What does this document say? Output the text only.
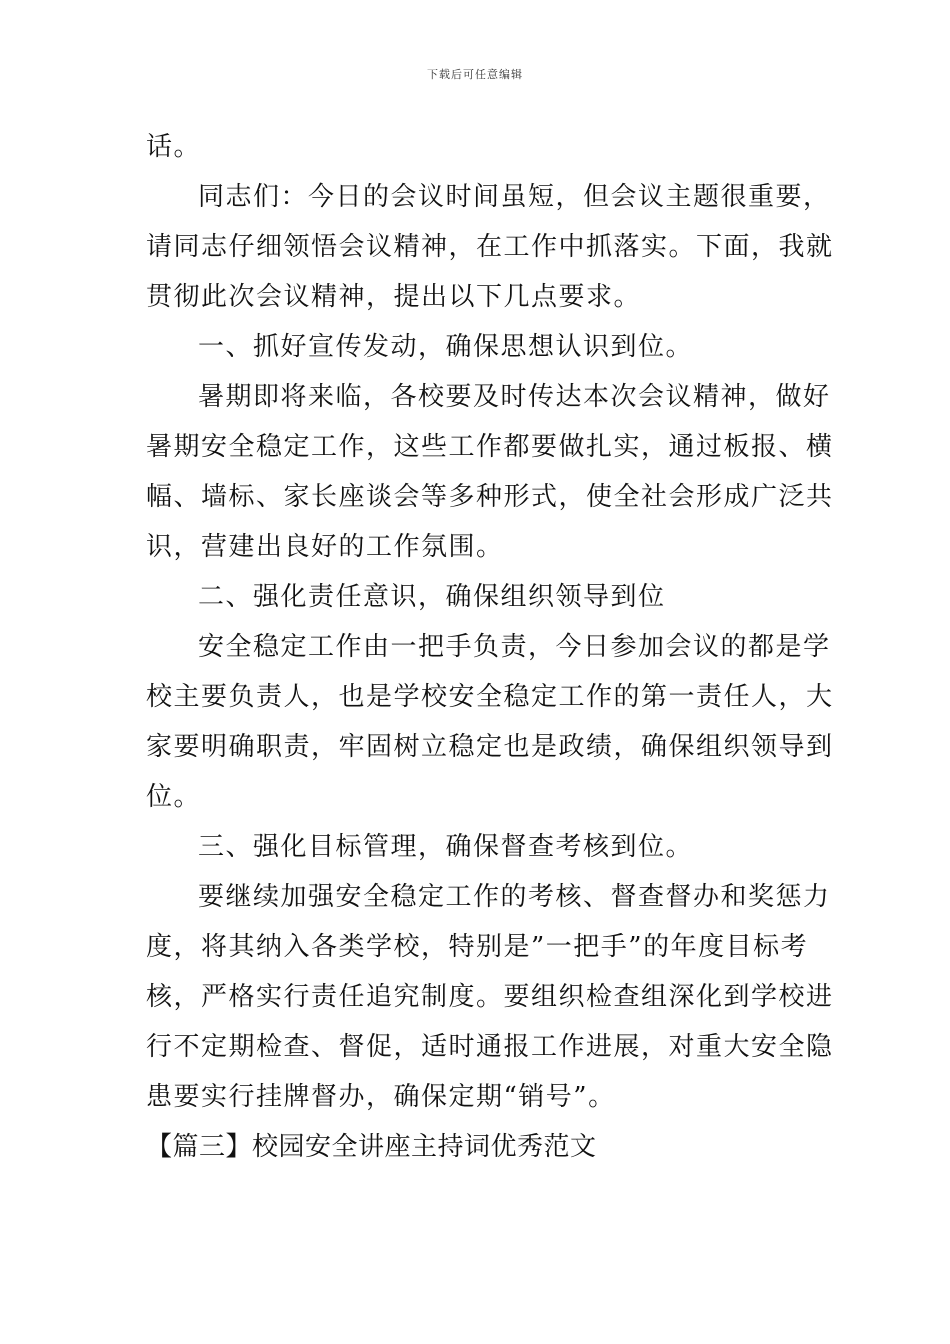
下载后可任意编辑
话。
同志们：今日的会议时间虽短，但会议主题很重要，
请同志仔细领悟会议精神，在工作中抓落实。下面，我就
贯彻此次会议精神，提出以下几点要求。
一、抓好宣传发动，确保思想认识到位。
暑期即将来临，各校要及时传达本次会议精神，做好
暑期安全稳定工作，这些工作都要做扎实，通过板报、横
幅、墙标、家长座谈会等多种形式，使全社会形成广泛共
识，营建出良好的工作氛围。
二、强化责任意识，确保组织领导到位
安全稳定工作由一把手负责，今日参加会议的都是学
校主要负责人，也是学校安全稳定工作的第一责任人，大
家要明确职责，牢固树立稳定也是政绩，确保组织领导到
位。
三、强化目标管理，确保督查考核到位。
要继续加强安全稳定工作的考核、督查督办和奖惩力
度，将其纳入各类学校，特别是”一把手”的年度目标考
核，严格实行责任追究制度。要组织检查组深化到学校进
行不定期检查、督促，适时通报工作进展，对重大安全隐
患要实行挂牌督办，确保定期“销号”。
【篇三】校园安全讲座主持词优秀范文
